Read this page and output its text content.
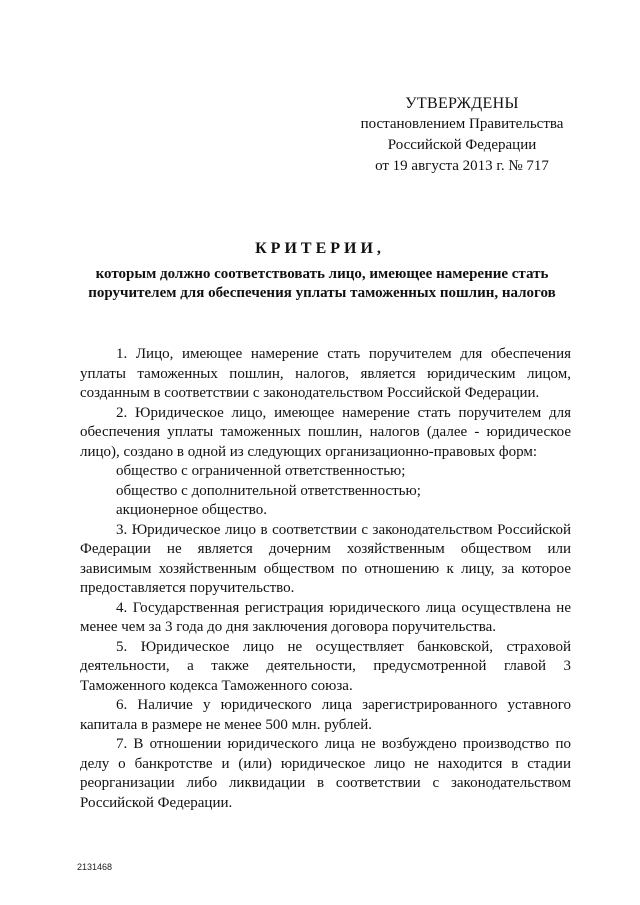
УТВЕРЖДЕНЫ
постановлением Правительства
Российской Федерации
от 19 августа 2013 г. № 717
КРИТЕРИИ,
которым должно соответствовать лицо, имеющее намерение стать поручителем для обеспечения уплаты таможенных пошлин, налогов

1. Лицо, имеющее намерение стать поручителем для обеспечения уплаты таможенных пошлин, налогов, является юридическим лицом, созданным в соответствии с законодательством Российской Федерации.

2. Юридическое лицо, имеющее намерение стать поручителем для обеспечения уплаты таможенных пошлин, налогов (далее - юридическое лицо), создано в одной из следующих организационно-правовых форм:

общество с ограниченной ответственностью;

общество с дополнительной ответственностью;

акционерное общество.

3. Юридическое лицо в соответствии с законодательством Российской Федерации не является дочерним хозяйственным обществом или зависимым хозяйственным обществом по отношению к лицу, за которое предоставляется поручительство.

4. Государственная регистрация юридического лица осуществлена не менее чем за 3 года до дня заключения договора поручительства.

5. Юридическое лицо не осуществляет банковской, страховой деятельности, а также деятельности, предусмотренной главой 3 Таможенного кодекса Таможенного союза.

6. Наличие у юридического лица зарегистрированного уставного капитала в размере не менее 500 млн. рублей.

7. В отношении юридического лица не возбуждено производство по делу о банкротстве и (или) юридическое лицо не находится в стадии реорганизации либо ликвидации в соответствии с законодательством Российской Федерации.

2131468
